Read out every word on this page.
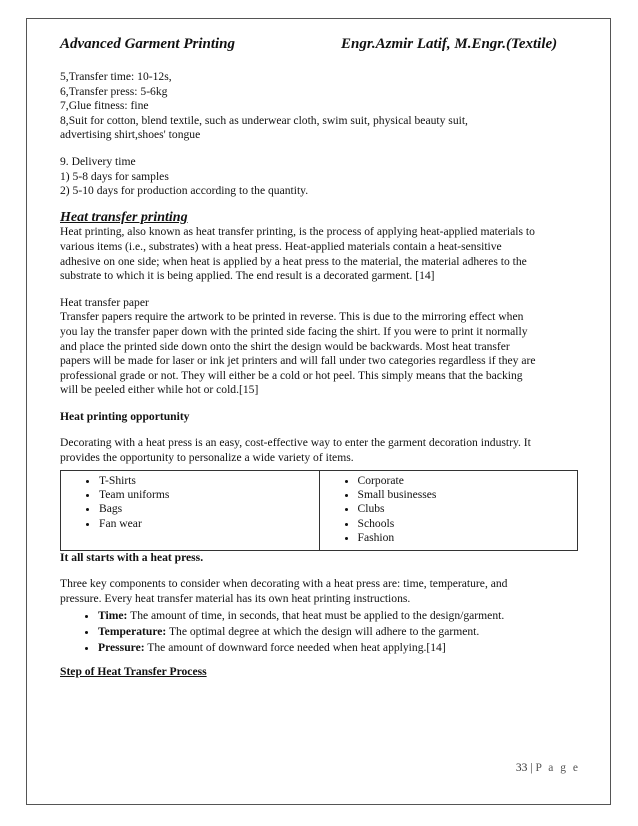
Advanced Garment Printing	Engr.Azmir Latif, M.Engr.(Textile)

5,Transfer time: 10-12s,

6,Transfer press: 5-6kg

7,Glue fitness: fine

8,Suit for cotton, blend textile, such as underwear cloth, swim suit, physical beauty suit,

advertising shirt,shoes' tongue

9. Delivery time

1) 5-8 days for samples

2) 5-10 days for production according to the quantity.

Heat transfer printing

Heat printing, also known as heat transfer printing, is the process of applying heat-applied materials to

various items (i.e., substrates) with a heat press. Heat-applied materials contain a heat-sensitive

adhesive on one side; when heat is applied by a heat press to the material, the material adheres to the

substrate to which it is being applied. The end result is a decorated garment. [14]

Heat transfer paper

Transfer papers require the artwork to be printed in reverse. This is due to the mirroring effect when

you lay the transfer paper down with the printed side facing the shirt. If you were to print it normally

and place the printed side down onto the shirt the design would be backwards. Most heat transfer

papers will be made for laser or ink jet printers and will fall under two categories regardless if they are

professional grade or not. They will either be a cold or hot peel. This simply means that the backing

will be peeled either while hot or cold.[15]

Heat printing opportunity

Decorating with a heat press is an easy, cost-effective way to enter the garment decoration industry. It

provides the opportunity to personalize a wide variety of items.

• T-Shirts
• Team uniforms
• Bags
• Fan wear

• Corporate
• Small businesses
• Clubs
• Schools
• Fashion

It all starts with a heat press.

Three key components to consider when decorating with a heat press are: time, temperature, and

pressure. Every heat transfer material has its own heat printing instructions.

• Time: The amount of time, in seconds, that heat must be applied to the design/garment.
• Temperature: The optimal degree at which the design will adhere to the garment.
• Pressure: The amount of downward force needed when heat applying.[14]

Step of Heat Transfer Process

33 | P a g e
